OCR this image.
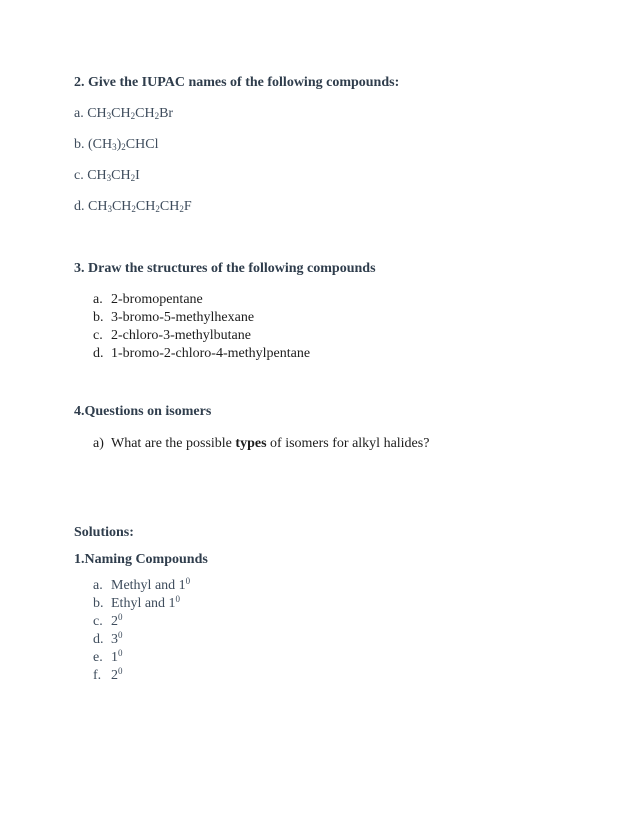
2. Give the IUPAC names of the following compounds:
a. $CH_3CH_2CH_2Br$
b. $(CH_3)_2CHCl$
c. $CH_3CH_2I$
d. $CH_3CH_2CH_2CH_2F$
3. Draw the structures of the following compounds
a. 2-bromopentane
b. 3-bromo-5-methylhexane
c. 2-chloro-3-methylbutane
d. 1-bromo-2-chloro-4-methylpentane
4.Questions on isomers
a) What are the possible types of isomers for alkyl halides?
Solutions:
1.Naming Compounds
a. Methyl and $1^0$
b. Ethyl and $1^0$
c. $2^0$
d. $3^0$
e. $1^0$
f. $2^0$
